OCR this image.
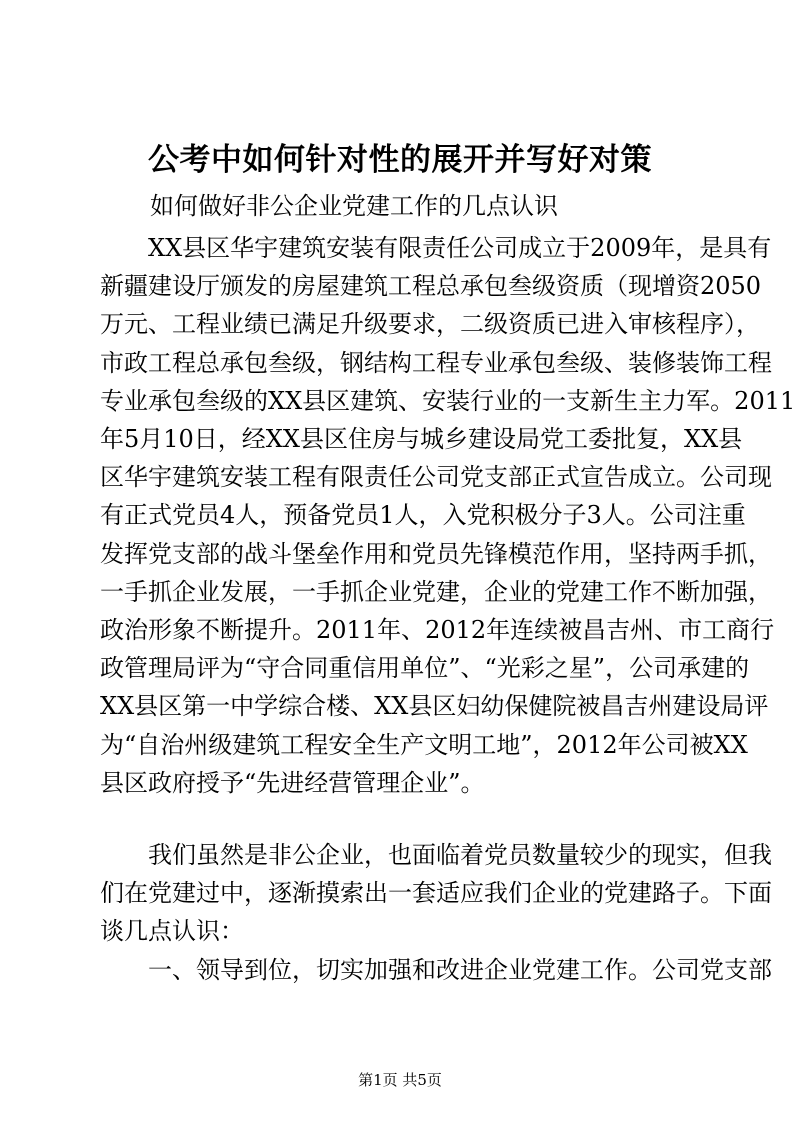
公考中如何针对性的展开并写好对策
如何做好非公企业党建工作的几点认识
XX县区华宇建筑安装有限责任公司成立于2009年，是具有
新疆建设厅颁发的房屋建筑工程总承包叁级资质（现增资2050
万元、工程业绩已满足升级要求，二级资质已进入审核程序），
市政工程总承包叁级，钢结构工程专业承包叁级、装修装饰工程
专业承包叁级的XX县区建筑、安装行业的一支新生主力军。2011
年5月10日，经XX县区住房与城乡建设局党工委批复，XX县
区华宇建筑安装工程有限责任公司党支部正式宣告成立。公司现
有正式党员4人，预备党员1人，入党积极分子3人。公司注重
发挥党支部的战斗堡垒作用和党员先锋模范作用，坚持两手抓，
一手抓企业发展，一手抓企业党建，企业的党建工作不断加强，
政治形象不断提升。2011年、2012年连续被昌吉州、市工商行
政管理局评为“守合同重信用单位”、“光彩之星”，公司承建的
XX县区第一中学综合楼、XX县区妇幼保健院被昌吉州建设局评
为“自治州级建筑工程安全生产文明工地”，2012年公司被XX
县区政府授予“先进经营管理企业”。
我们虽然是非公企业，也面临着党员数量较少的现实，但我
们在党建过中，逐渐摸索出一套适应我们企业的党建路子。下面
谈几点认识：
一、领导到位，切实加强和改进企业党建工作。公司党支部
第1页 共5页
